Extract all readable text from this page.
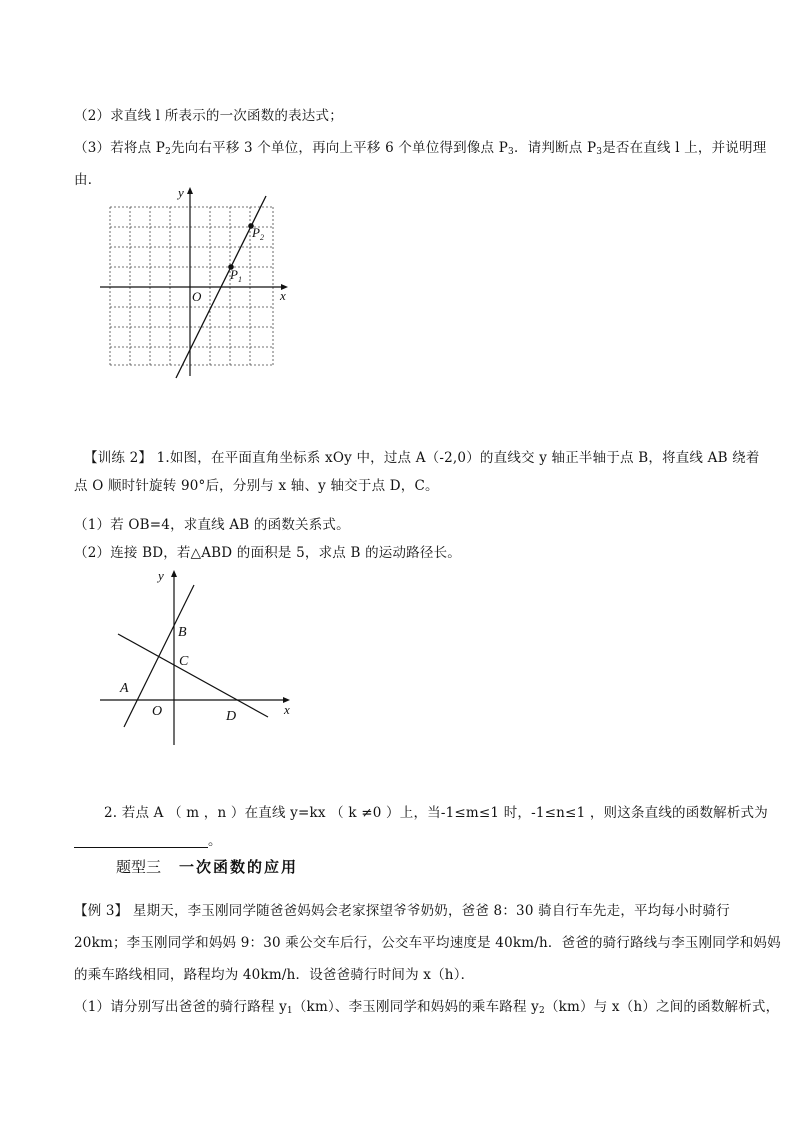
（2）求直线 l 所表示的一次函数的表达式；
（3）若将点 $P_2$先向右平移 3 个单位，再向上平移 6 个单位得到像点 $P_3$．请判断点 $P_3$是否在直线 l 上，并说明理
由．
x
y
O
$P_1$
$P_2$
【训练 2】 1.如图，在平面直角坐标系 xOy 中，过点 A（-2,0）的直线交 y 轴正半轴于点 B，将直线 AB 绕着
点 O 顺时针旋转 90°后，分别与 x 轴、y 轴交于点 D，C。
（1）若 OB=4，求直线 AB 的函数关系式。
（2）连接 BD，若△ABD 的面积是 5，求点 B 的运动路径长。
x
y
O
A
B
C
D
2. 若点 A （ m ，n ）在直线 y=kx （ k ≠0 ）上，当-1≤m≤1 时，-1≤n≤1 ，则这条直线的函数解析式为
。
题型三 一次函数的应用
【例 3】 星期天，李玉刚同学随爸爸妈妈会老家探望爷爷奶奶，爸爸 8：30 骑自行车先走，平均每小时骑行
20km；李玉刚同学和妈妈 9：30 乘公交车后行，公交车平均速度是 40km/h．爸爸的骑行路线与李玉刚同学和妈妈
的乘车路线相同，路程均为 40km/h．设爸爸骑行时间为 x（h）．
（1）请分别写出爸爸的骑行路程 $y_1(km)$、李玉刚同学和妈妈的乘车路程 $y_2(km)$与 x（h）之间的函数解析式，
